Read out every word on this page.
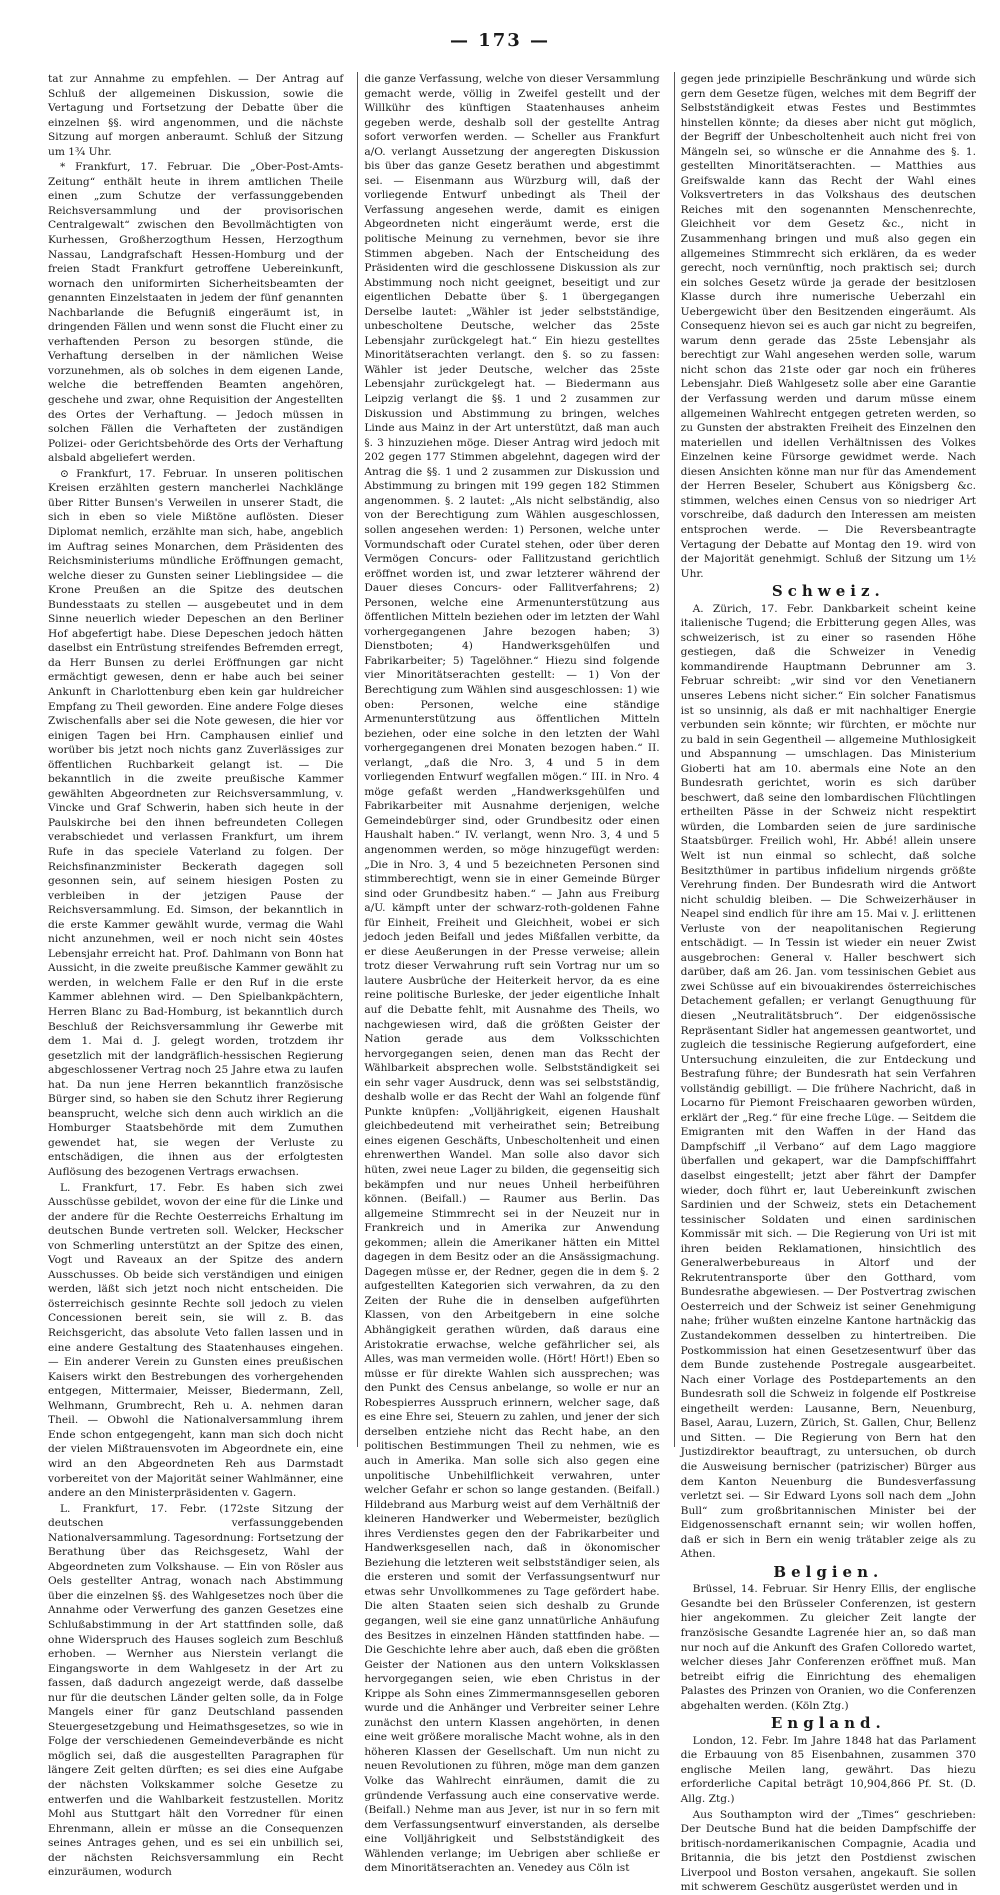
— 173 —

tat zur Annahme zu empfehlen. — Der Antrag auf Schluß der allgemeinen Diskussion, sowie die Vertagung und Fortsetzung der Debatte über die einzelnen §§. wird angenommen, und die nächste Sitzung auf morgen anberaumt. Schluß der Sitzung um 1¾ Uhr.

* Frankfurt, 17. Februar. Die „Ober-Post-Amts-Zeitung“ enthält heute in ihrem amtlichen Theile einen „zum Schutze der verfassunggebenden Reichsversammlung und der provisorischen Centralgewalt“ zwischen den Bevollmächtigten von Kurhessen, Großherzogthum Hessen, Herzogthum Nassau, Landgrafschaft Hessen-Homburg und der freien Stadt Frankfurt getroffene Uebereinkunft, wornach den uniformirten Sicherheitsbeamten der genannten Einzelstaaten in jedem der fünf genannten Nachbarlande die Befugniß eingeräumt ist, in dringenden Fällen und wenn sonst die Flucht einer zu verhaftenden Person zu besorgen stünde, die Verhaftung derselben in der nämlichen Weise vorzunehmen, als ob solches in dem eigenen Lande, welche die betreffenden Beamten angehören, geschehe und zwar, ohne Requisition der Angestellten des Ortes der Verhaftung. — Jedoch müssen in solchen Fällen die Verhafteten der zuständigen Polizei- oder Gerichtsbehörde des Orts der Verhaftung alsbald abgeliefert werden.

⊙ Frankfurt, 17. Februar. In unseren politischen Kreisen erzählten gestern mancherlei Nachklänge über Ritter Bunsen's Verweilen in unserer Stadt, die sich in eben so viele Mißtöne auflösten. Dieser Diplomat nemlich, erzählte man sich, habe, angeblich im Auftrag seines Monarchen, dem Präsidenten des Reichsministeriums mündliche Eröffnungen gemacht, welche dieser zu Gunsten seiner Lieblingsidee — die Krone Preußen an die Spitze des deutschen Bundesstaats zu stellen — ausgebeutet und in dem Sinne neuerlich wieder Depeschen an den Berliner Hof abgefertigt habe. Diese Depeschen jedoch hätten daselbst ein Entrüstung streifendes Befremden erregt, da Herr Bunsen zu derlei Eröffnungen gar nicht ermächtigt gewesen, denn er habe auch bei seiner Ankunft in Charlottenburg eben kein gar huldreicher Empfang zu Theil geworden. Eine andere Folge dieses Zwischenfalls aber sei die Note gewesen, die hier vor einigen Tagen bei Hrn. Camphausen einlief und worüber bis jetzt noch nichts ganz Zuverlässiges zur öffentlichen Ruchbarkeit gelangt ist. — Die bekanntlich in die zweite preußische Kammer gewählten Abgeordneten zur Reichsversammlung, v. Vincke und Graf Schwerin, haben sich heute in der Paulskirche bei den ihnen befreundeten Collegen verabschiedet und verlassen Frankfurt, um ihrem Rufe in das speciele Vaterland zu folgen. Der Reichsfinanzminister Beckerath dagegen soll gesonnen sein, auf seinem hiesigen Posten zu verbleiben in der jetzigen Pause der Reichsversammlung. Ed. Simson, der bekanntlich in die erste Kammer gewählt wurde, vermag die Wahl nicht anzunehmen, weil er noch nicht sein 40stes Lebensjahr erreicht hat. Prof. Dahlmann von Bonn hat Aussicht, in die zweite preußische Kammer gewählt zu werden, in welchem Falle er den Ruf in die erste Kammer ablehnen wird. — Den Spielbankpächtern, Herren Blanc zu Bad-Homburg, ist bekanntlich durch Beschluß der Reichsversammlung ihr Gewerbe mit dem 1. Mai d. J. gelegt worden, trotzdem ihr gesetzlich mit der landgräflich-hessischen Regierung abgeschlossener Vertrag noch 25 Jahre etwa zu laufen hat. Da nun jene Herren bekanntlich französische Bürger sind, so haben sie den Schutz ihrer Regierung beansprucht, welche sich denn auch wirklich an die Homburger Staatsbehörde mit dem Zumuthen gewendet hat, sie wegen der Verluste zu entschädigen, die ihnen aus der erfolgtesten Auflösung des bezogenen Vertrags erwachsen.

L. Frankfurt, 17. Febr. Es haben sich zwei Ausschüsse gebildet, wovon der eine für die Linke und der andere für die Rechte Oesterreichs Erhaltung im deutschen Bunde vertreten soll. Welcker, Heckscher von Schmerling unterstützt an der Spitze des einen, Vogt und Raveaux an der Spitze des andern Ausschusses. Ob beide sich verständigen und einigen werden, läßt sich jetzt noch nicht entscheiden. Die österreichisch gesinnte Rechte soll jedoch zu vielen Concessionen bereit sein, sie will z. B. das Reichsgericht, das absolute Veto fallen lassen und in eine andere Gestaltung des Staatenhauses eingehen. — Ein anderer Verein zu Gunsten eines preußischen Kaisers wirkt den Bestrebungen des vorhergehenden entgegen, Mittermaier, Meisser, Biedermann, Zell, Welhmann, Grumbrecht, Reh u. A. nehmen daran Theil. — Obwohl die Nationalversammlung ihrem Ende schon entgegengeht, kann man sich doch nicht der vielen Mißtrauensvoten im Abgeordnete ein, eine wird an den Abgeordneten Reh aus Darmstadt vorbereitet von der Majorität seiner Wahlmänner, eine andere an den Ministerpräsidenten v. Gagern.

L. Frankfurt, 17. Febr. (172ste Sitzung der deutschen verfassunggebenden Nationalversammlung. Tagesordnung: Fortsetzung der Berathung über das Reichsgesetz, Wahl der Abgeordneten zum Volkshause. — Ein von Rösler aus Oels gestellter Antrag, wonach nach Abstimmung über die einzelnen §§. des Wahlgesetzes noch über die Annahme oder Verwerfung des ganzen Gesetzes eine Schlußabstimmung in der Art stattfinden solle, daß ohne Widerspruch des Hauses sogleich zum Beschluß erhoben. — Wernher aus Nierstein verlangt die Eingangsworte in dem Wahlgesetz in der Art zu fassen, daß dadurch angezeigt werde, daß dasselbe nur für die deutschen Länder gelten solle, da in Folge Mangels einer für ganz Deutschland passenden Steuergesetzgebung und Heimathsgesetzes, so wie in Folge der verschiedenen Gemeindeverbände es nicht möglich sei, daß die ausgestellten Paragraphen für längere Zeit gelten dürften; es sei dies eine Aufgabe der nächsten Volkskammer solche Gesetze zu entwerfen und die Wahlbarkeit festzustellen. Moritz Mohl aus Stuttgart hält den Vorredner für einen Ehrenmann, allein er müsse an die Consequenzen seines Antrages gehen, und es sei ein unbillich sei, der nächsten Reichsversammlung ein Recht einzuräumen, wodurch

die ganze Verfassung, welche von dieser Versammlung gemacht werde, völlig in Zweifel gestellt und der Willkühr des künftigen Staatenhauses anheim gegeben werde, deshalb soll der gestellte Antrag sofort verworfen werden. — Scheller aus Frankfurt a/O. verlangt Aussetzung der angeregten Diskussion bis über das ganze Gesetz berathen und abgestimmt sei. — Eisenmann aus Würzburg will, daß der vorliegende Entwurf unbedingt als Theil der Verfassung angesehen werde, damit es einigen Abgeordneten nicht eingeräumt werde, erst die politische Meinung zu vernehmen, bevor sie ihre Stimmen abgeben. Nach der Entscheidung des Präsidenten wird die geschlossene Diskussion als zur Abstimmung noch nicht geeignet, beseitigt und zur eigentlichen Debatte über §. 1 übergegangen Derselbe lautet: „Wähler ist jeder selbstständige, unbescholtene Deutsche, welcher das 25ste Lebensjahr zurückgelegt hat.“ Ein hiezu gestelltes Minoritätserachten verlangt. den §. so zu fassen: Wähler ist jeder Deutsche, welcher das 25ste Lebensjahr zurückgelegt hat. — Biedermann aus Leipzig verlangt die §§. 1 und 2 zusammen zur Diskussion und Abstimmung zu bringen, welches Linde aus Mainz in der Art unterstützt, daß man auch §. 3 hinzuziehen möge. Dieser Antrag wird jedoch mit 202 gegen 177 Stimmen abgelehnt, dagegen wird der Antrag die §§. 1 und 2 zusammen zur Diskussion und Abstimmung zu bringen mit 199 gegen 182 Stimmen angenommen. §. 2 lautet: „Als nicht selbständig, also von der Berechtigung zum Wählen ausgeschlossen, sollen angesehen werden: 1) Personen, welche unter Vormundschaft oder Curatel stehen, oder über deren Vermögen Concurs- oder Fallitzustand gerichtlich eröffnet worden ist, und zwar letzterer während der Dauer dieses Concurs- oder Fallitverfahrens; 2) Personen, welche eine Armenunterstützung aus öffentlichen Mitteln beziehen oder im letzten der Wahl vorhergegangenen Jahre bezogen haben; 3) Dienstboten; 4) Handwerksgehülfen und Fabrikarbeiter; 5) Tagelöhner.“ Hiezu sind folgende vier Minoritätserachten gestellt: — 1) Von der Berechtigung zum Wählen sind ausgeschlossen: 1) wie oben: Personen, welche eine ständige Armenunterstützung aus öffentlichen Mitteln beziehen, oder eine solche in den letzten der Wahl vorhergegangenen drei Monaten bezogen haben.“ II. verlangt, „daß die Nro. 3, 4 und 5 in dem vorliegenden Entwurf wegfallen mögen.“ III. in Nro. 4 möge gefaßt werden „Handwerksgehülfen und Fabrikarbeiter mit Ausnahme derjenigen, welche Gemeindebürger sind, oder Grundbesitz oder einen Haushalt haben.“ IV. verlangt, wenn Nro. 3, 4 und 5 angenommen werden, so möge hinzugefügt werden: „Die in Nro. 3, 4 und 5 bezeichneten Personen sind stimmberechtigt, wenn sie in einer Gemeinde Bürger sind oder Grundbesitz haben.“ — Jahn aus Freiburg a/U. kämpft unter der schwarz-roth-goldenen Fahne für Einheit, Freiheit und Gleichheit, wobei er sich jedoch jeden Beifall und jedes Mißfallen verbitte, da er diese Aeußerungen in der Presse verweise; allein trotz dieser Verwahrung ruft sein Vortrag nur um so lautere Ausbrüche der Heiterkeit hervor, da es eine reine politische Burleske, der jeder eigentliche Inhalt auf die Debatte fehlt, mit Ausnahme des Theils, wo nachgewiesen wird, daß die größten Geister der Nation gerade aus dem Volksschichten hervorgegangen seien, denen man das Recht der Wählbarkeit absprechen wolle. Selbstständigkeit sei ein sehr vager Ausdruck, denn was sei selbstständig, deshalb wolle er das Recht der Wahl an folgende fünf Punkte knüpfen: „Volljährigkeit, eigenen Haushalt gleichbedeutend mit verheirathet sein; Betreibung eines eigenen Geschäfts, Unbescholtenheit und einen ehrenwerthen Wandel. Man solle also davor sich hüten, zwei neue Lager zu bilden, die gegenseitig sich bekämpfen und nur neues Unheil herbeiführen können. (Beifall.) — Raumer aus Berlin. Das allgemeine Stimmrecht sei in der Neuzeit nur in Frankreich und in Amerika zur Anwendung gekommen; allein die Amerikaner hätten ein Mittel dagegen in dem Besitz oder an die Ansässigmachung. Dagegen müsse er, der Redner, gegen die in dem §. 2 aufgestellten Kategorien sich verwahren, da zu den Zeiten der Ruhe die in denselben aufgeführten Klassen, von den Arbeitgebern in eine solche Abhängigkeit gerathen würden, daß daraus eine Aristokratie erwachse, welche gefährlicher sei, als Alles, was man vermeiden wolle. (Hört! Hört!) Eben so müsse er für direkte Wahlen sich aussprechen; was den Punkt des Census anbelange, so wolle er nur an Robespierres Ausspruch erinnern, welcher sage, daß es eine Ehre sei, Steuern zu zahlen, und jener der sich derselben entziehe nicht das Recht habe, an den politischen Bestimmungen Theil zu nehmen, wie es auch in Amerika. Man solle sich also gegen eine unpolitische Unbehilflichkeit verwahren, unter welcher Gefahr er schon so lange gestanden. (Beifall.) Hildebrand aus Marburg weist auf dem Verhältniß der kleineren Handwerker und Webermeister, bezüglich ihres Verdienstes gegen den der Fabrikarbeiter und Handwerksgesellen nach, daß in ökonomischer Beziehung die letzteren weit selbstständiger seien, als die ersteren und somit der Verfassungsentwurf nur etwas sehr Unvollkommenes zu Tage gefördert habe. Die alten Staaten seien sich deshalb zu Grunde gegangen, weil sie eine ganz unnatürliche Anhäufung des Besitzes in einzelnen Händen stattfinden habe. — Die Geschichte lehre aber auch, daß eben die größten Geister der Nationen aus den untern Volksklassen hervorgegangen seien, wie eben Christus in der Krippe als Sohn eines Zimmermannsgesellen geboren wurde und die Anhänger und Verbreiter seiner Lehre zunächst den untern Klassen angehörten, in denen eine weit größere moralische Macht wohne, als in den höheren Klassen der Gesellschaft. Um nun nicht zu neuen Revolutionen zu führen, möge man dem ganzen Volke das Wahlrecht einräumen, damit die zu gründende Verfassung auch eine conservative werde. (Beifall.) Nehme man aus Jever, ist nur in so fern mit dem Verfassungsentwurf einverstanden, als derselbe eine Volljährigkeit und Selbstständigkeit des Wählenden verlange; im Uebrigen aber schließe er dem Minoritätserachten an. Venedey aus Cöln ist

gegen jede prinzipielle Beschränkung und würde sich gern dem Gesetze fügen, welches mit dem Begriff der Selbstständigkeit etwas Festes und Bestimmtes hinstellen könnte; da dieses aber nicht gut möglich, der Begriff der Unbescholtenheit auch nicht frei von Mängeln sei, so wünsche er die Annahme des §. 1. gestellten Minoritätserachten. — Matthies aus Greifswalde kann das Recht der Wahl eines Volksvertreters in das Volkshaus des deutschen Reiches mit den sogenannten Menschenrechte, Gleichheit vor dem Gesetz &c., nicht in Zusammenhang bringen und muß also gegen ein allgemeines Stimmrecht sich erklären, da es weder gerecht, noch vernünftig, noch praktisch sei; durch ein solches Gesetz würde ja gerade der besitzlosen Klasse durch ihre numerische Ueberzahl ein Uebergewicht über den Besitzenden eingeräumt. Als Consequenz hievon sei es auch gar nicht zu begreifen, warum denn gerade das 25ste Lebensjahr als berechtigt zur Wahl angesehen werden solle, warum nicht schon das 21ste oder gar noch ein früheres Lebensjahr. Dieß Wahlgesetz solle aber eine Garantie der Verfassung werden und darum müsse einem allgemeinen Wahlrecht entgegen getreten werden, so zu Gunsten der abstrakten Freiheit des Einzelnen den materiellen und idellen Verhältnissen des Volkes Einzelnen keine Fürsorge gewidmet werde. Nach diesen Ansichten könne man nur für das Amendement der Herren Beseler, Schubert aus Königsberg &c. stimmen, welches einen Census von so niedriger Art vorschreibe, daß dadurch den Interessen am meisten entsprochen werde. — Die Reversbeantragte Vertagung der Debatte auf Montag den 19. wird von der Majorität genehmigt. Schluß der Sitzung um 1½ Uhr.

Schweiz.

A. Zürich, 17. Febr. Dankbarkeit scheint keine italienische Tugend; die Erbitterung gegen Alles, was schweizerisch, ist zu einer so rasenden Höhe gestiegen, daß die Schweizer in Venedig kommandirende Hauptmann Debrunner am 3. Februar schreibt: „wir sind vor den Venetianern unseres Lebens nicht sicher.“ Ein solcher Fanatismus ist so unsinnig, als daß er mit nachhaltiger Energie verbunden sein könnte; wir fürchten, er möchte nur zu bald in sein Gegentheil — allgemeine Muthlosigkeit und Abspannung — umschlagen. Das Ministerium Gioberti hat am 10. abermals eine Note an den Bundesrath gerichtet, worin es sich darüber beschwert, daß seine den lombardischen Flüchtlingen ertheilten Pässe in der Schweiz nicht respektirt würden, die Lombarden seien de jure sardinische Staatsbürger. Freilich wohl, Hr. Abbé! allein unsere Welt ist nun einmal so schlecht, daß solche Besitzthümer in partibus infidelium nirgends größte Verehrung finden. Der Bundesrath wird die Antwort nicht schuldig bleiben. — Die Schweizerhäuser in Neapel sind endlich für ihre am 15. Mai v. J. erlittenen Verluste von der neapolitanischen Regierung entschädigt. — In Tessin ist wieder ein neuer Zwist ausgebrochen: General v. Haller beschwert sich darüber, daß am 26. Jan. vom tessinischen Gebiet aus zwei Schüsse auf ein bivouakirendes österreichisches Detachement gefallen; er verlangt Genugthuung für diesen „Neutralitätsbruch“. Der eidgenössische Repräsentant Sidler hat angemessen geantwortet, und zugleich die tessinische Regierung aufgefordert, eine Untersuchung einzuleiten, die zur Entdeckung und Bestrafung führe; der Bundesrath hat sein Verfahren vollständig gebilligt. — Die frühere Nachricht, daß in Locarno für Piemont Freischaaren geworben würden, erklärt der „Reg.“ für eine freche Lüge. — Seitdem die Emigranten mit den Waffen in der Hand das Dampfschiff „il Verbano“ auf dem Lago maggiore überfallen und gekapert, war die Dampfschifffahrt daselbst eingestellt; jetzt aber fährt der Dampfer wieder, doch führt er, laut Uebereinkunft zwischen Sardinien und der Schweiz, stets ein Detachement tessinischer Soldaten und einen sardinischen Kommissär mit sich. — Die Regierung von Uri ist mit ihren beiden Reklamationen, hinsichtlich des Generalwerbebureaus in Altorf und der Rekrutentransporte über den Gotthard, vom Bundesrathe abgewiesen. — Der Postvertrag zwischen Oesterreich und der Schweiz ist seiner Genehmigung nahe; früher wußten einzelne Kantone hartnäckig das Zustandekommen desselben zu hintertreiben. Die Postkommission hat einen Gesetzesentwurf über das dem Bunde zustehende Postregale ausgearbeitet. Nach einer Vorlage des Postdepartements an den Bundesrath soll die Schweiz in folgende elf Postkreise eingetheilt werden: Lausanne, Bern, Neuenburg, Basel, Aarau, Luzern, Zürich, St. Gallen, Chur, Bellenz und Sitten. — Die Regierung von Bern hat den Justizdirektor beauftragt, zu untersuchen, ob durch die Ausweisung bernischer (patrizischer) Bürger aus dem Kanton Neuenburg die Bundesverfassung verletzt sei. — Sir Edward Lyons soll nach dem „John Bull“ zum großbritannischen Minister bei der Eidgenossenschaft ernannt sein; wir wollen hoffen, daß er sich in Bern ein wenig trätabler zeige als zu Athen.

Belgien.

Brüssel, 14. Februar. Sir Henry Ellis, der englische Gesandte bei den Brüsseler Conferenzen, ist gestern hier angekommen. Zu gleicher Zeit langte der französische Gesandte Lagrenée hier an, so daß man nur noch auf die Ankunft des Grafen Colloredo wartet, welcher dieses Jahr Conferenzen eröffnet muß. Man betreibt eifrig die Einrichtung des ehemaligen Palastes des Prinzen von Oranien, wo die Conferenzen abgehalten werden. (Köln Ztg.)

England.

London, 12. Febr. Im Jahre 1848 hat das Parlament die Erbauung von 85 Eisenbahnen, zusammen 370 englische Meilen lang, gewährt. Das hiezu erforderliche Capital beträgt 10,904,866 Pf. St. (D. Allg. Ztg.)

Aus Southampton wird der „Times“ geschrieben: Der Deutsche Bund hat die beiden Dampfschiffe der britisch-nordamerikanischen Compagnie, Acadia und Britannia, die bis jetzt den Postdienst zwischen Liverpool und Boston versahen, angekauft. Sie sollen mit schwerem Geschütz ausgerüstet werden und in
